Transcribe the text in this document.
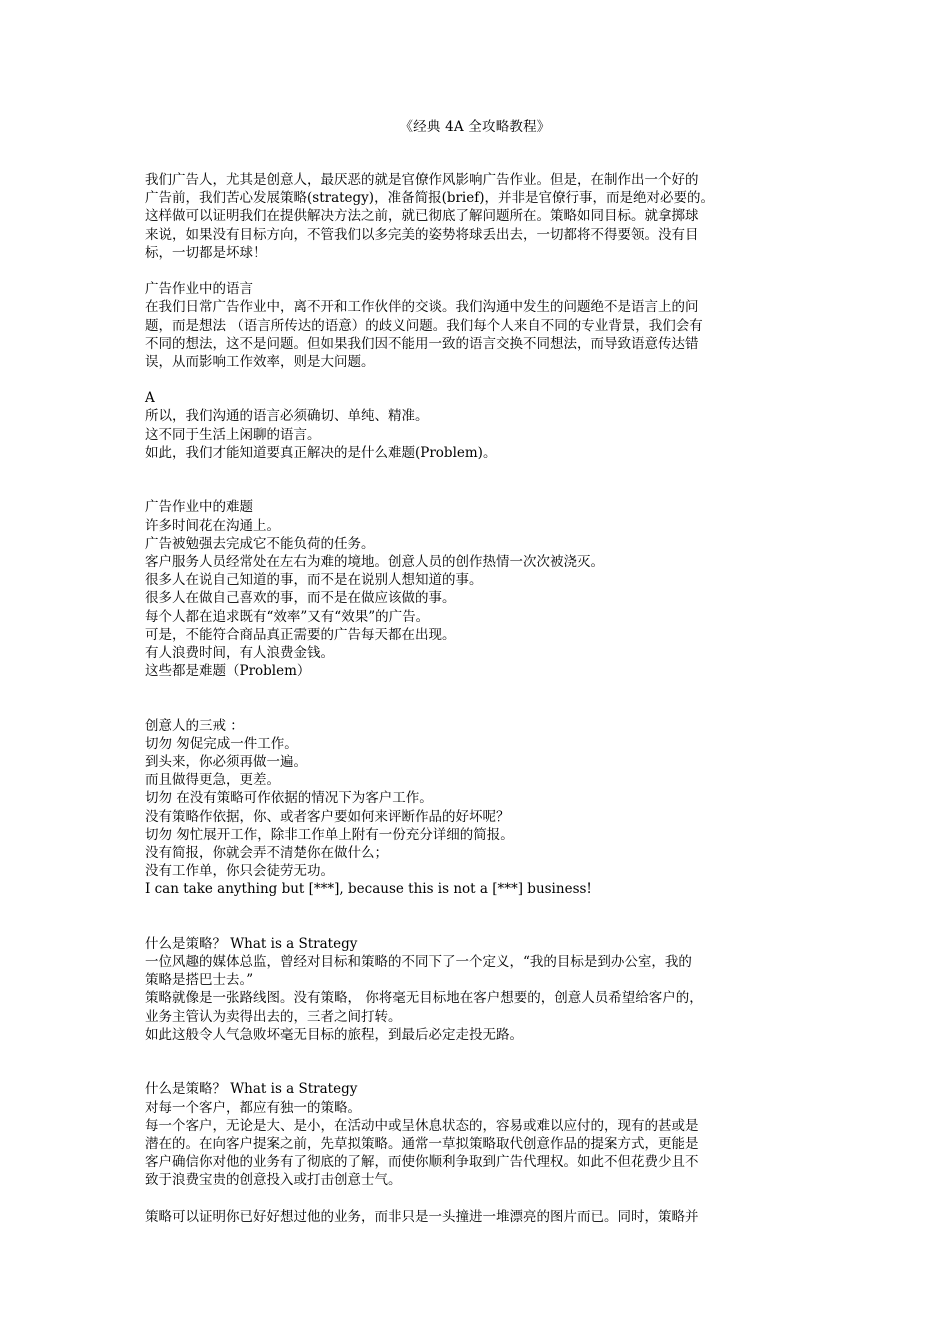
《经典 4A 全攻略教程》
我们广告人，尤其是创意人，最厌恶的就是官僚作风影响广告作业。但是，在制作出一个好的
广告前，我们苦心发展策略(strategy)，准备简报(brief)，并非是官僚行事，而是绝对必要的。
这样做可以证明我们在提供解决方法之前，就已彻底了解问题所在。策略如同目标。就拿掷球
来说，如果没有目标方向，不管我们以多完美的姿势将球丢出去，一切都将不得要领。没有目
标，一切都是坏球！
广告作业中的语言
在我们日常广告作业中，离不开和工作伙伴的交谈。我们沟通中发生的问题绝不是语言上的问
题，而是想法 （语言所传达的语意）的歧义问题。我们每个人来自不同的专业背景，我们会有
不同的想法，这不是问题。但如果我们因不能用一致的语言交换不同想法，而导致语意传达错
误，从而影响工作效率，则是大问题。
A
所以，我们沟通的语言必须确切、单纯、精准。
这不同于生活上闲聊的语言。
如此，我们才能知道要真正解决的是什么难题(Problem)。
广告作业中的难题
许多时间花在沟通上。
广告被勉强去完成它不能负荷的任务。
客户服务人员经常处在左右为难的境地。创意人员的创作热情一次次被浇灭。
很多人在说自己知道的事，而不是在说别人想知道的事。
很多人在做自己喜欢的事，而不是在做应该做的事。
每个人都在追求既有“效率”又有“效果”的广告。
可是，不能符合商品真正需要的广告每天都在出现。
有人浪费时间，有人浪费金钱。
这些都是难题（Problem）
创意人的三戒 ：
切勿 匆促完成一件工作。
到头来，你必须再做一遍。
而且做得更急，更差。
切勿 在没有策略可作依据的情况下为客户工作。
没有策略作依据，你、或者客户要如何来评断作品的好坏呢？
切勿 匆忙展开工作，除非工作单上附有一份充分详细的简报。
没有简报，你就会弄不清楚你在做什么；
没有工作单，你只会徒劳无功。
I can take anything but [***], because this is not a [***] business!
什么是策略？ What is a Strategy
一位风趣的媒体总监，曾经对目标和策略的不同下了一个定义，“我的目标是到办公室，我的
策略是搭巴士去。”
策略就像是一张路线图。没有策略， 你将毫无目标地在客户想要的，创意人员希望给客户的，
业务主管认为卖得出去的，三者之间打转。
如此这般令人气急败坏毫无目标的旅程，到最后必定走投无路。
什么是策略？ What is a Strategy
对每一个客户，都应有独一的策略。
每一个客户，无论是大、是小，在活动中或呈休息状态的，容易或难以应付的，现有的甚或是
潜在的。在向客户提案之前，先草拟策略。通常一草拟策略取代创意作品的提案方式，更能是
客户确信你对他的业务有了彻底的了解，而使你顺利争取到广告代理权。如此不但花费少且不
致于浪费宝贵的创意投入或打击创意士气。
策略可以证明你已好好想过他的业务，而非只是一头撞进一堆漂亮的图片而已。同时，策略并
